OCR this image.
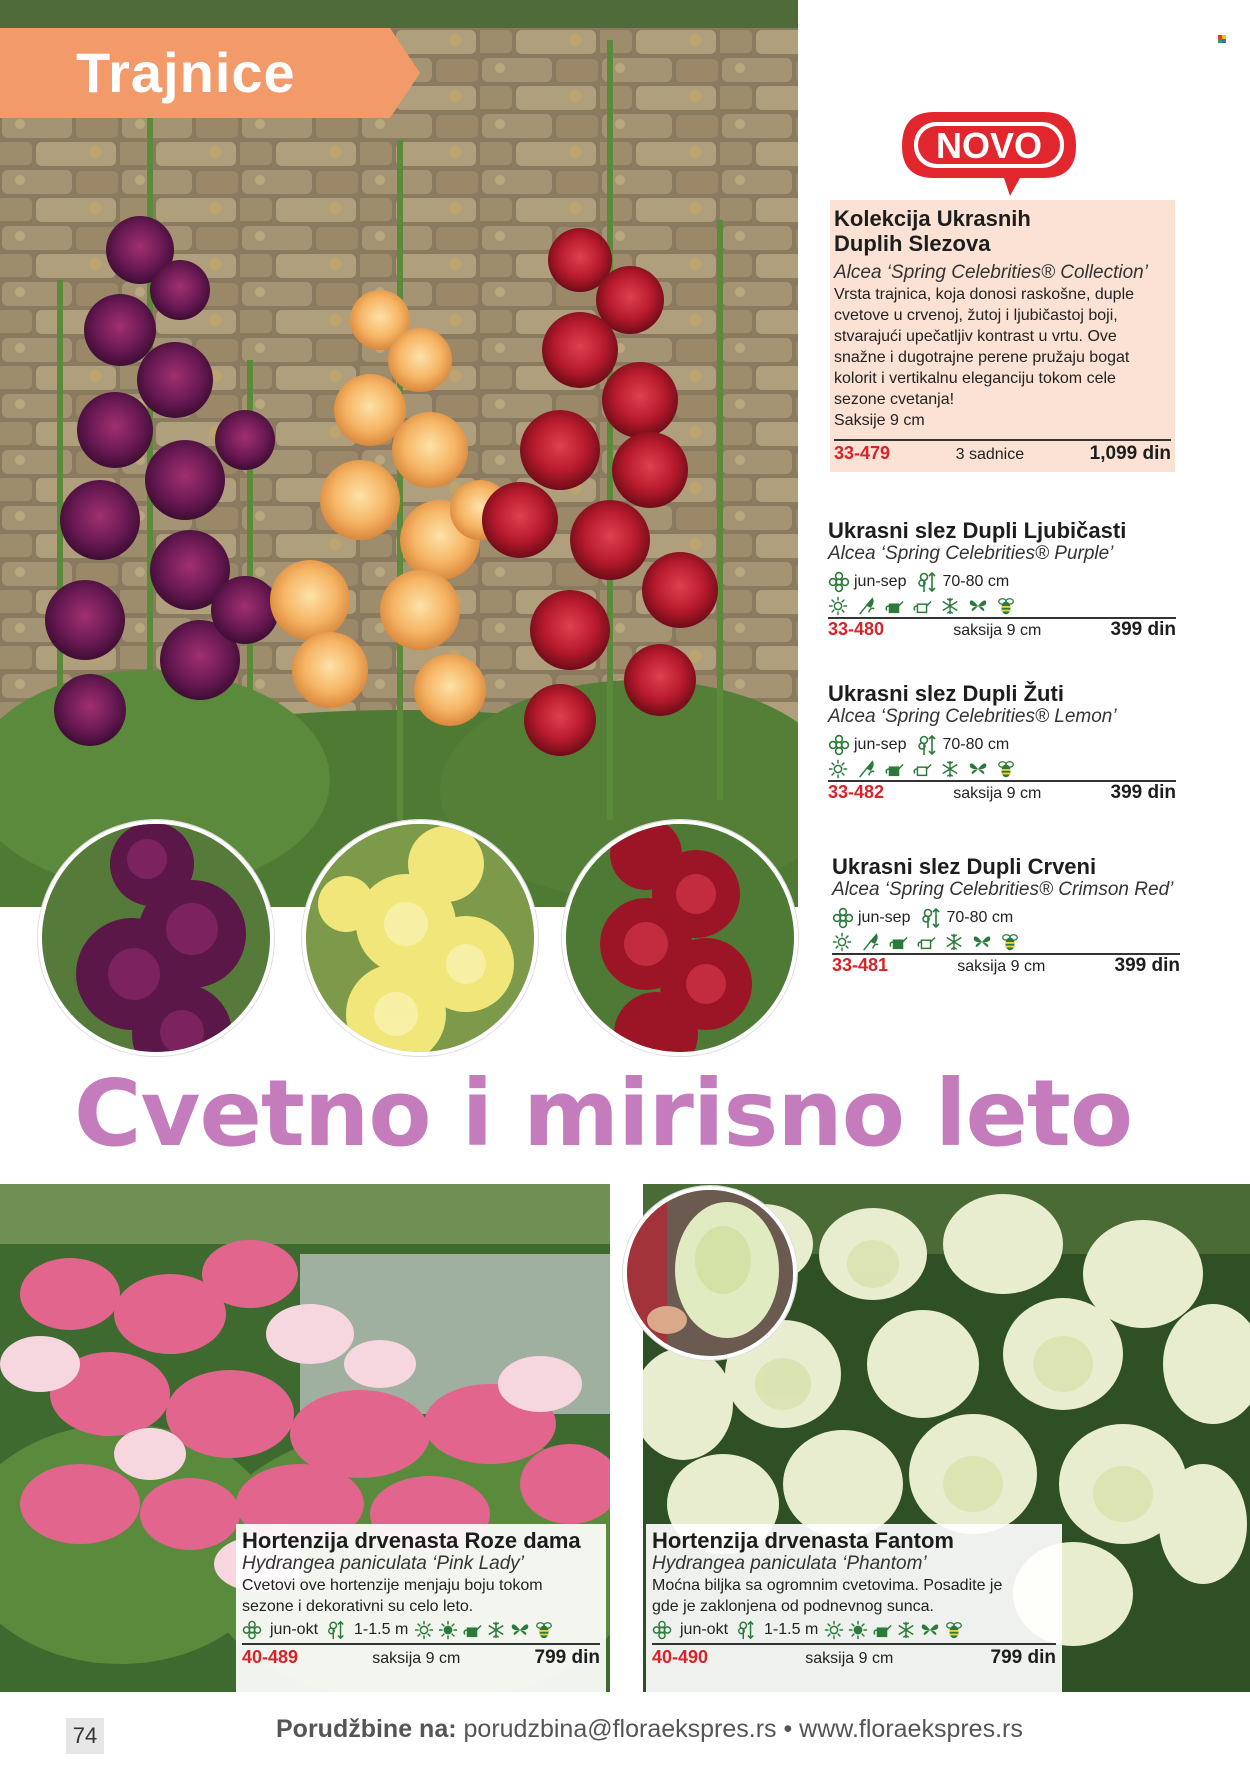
Trajnice
NOVO
Kolekcija Ukrasnih
Duplih Slezova
Alcea ‘Spring Celebrities® Collection’
Vrsta trajnica, koja donosi raskošne, duple cvetove u crvenoj, žutoj i ljubičastoj boji, stvarajući upečatljiv kontrast u vrtu. Ove snažne i dugotrajne perene pružaju bogat kolorit i vertikalnu eleganciju tokom cele sezone cvetanja!
Saksije 9 cm
33-479	3 sadnice	1,099 din
Ukrasni slez Dupli Ljubičasti
Alcea ‘Spring Celebrities® Purple’
jun-sep 70-80 cm
33-480	saksija 9 cm	399 din
Ukrasni slez Dupli Žuti
Alcea ‘Spring Celebrities® Lemon’
jun-sep 70-80 cm
33-482	saksija 9 cm	399 din
Ukrasni slez Dupli Crveni
Alcea ‘Spring Celebrities® Crimson Red’
jun-sep 70-80 cm
33-481	saksija 9 cm	399 din
Cvetno i mirisno leto
Hortenzija drvenasta Roze dama
Hydrangea paniculata ‘Pink Lady’
Cvetovi ove hortenzije menjaju boju tokom
sezone i dekorativni su celo leto.
jun-okt 1-1.5 m
40-489	saksija 9 cm	799 din
Hortenzija drvenasta Fantom
Hydrangea paniculata ‘Phantom’
Moćna biljka sa ogromnim cvetovima. Posadite je
gde je zaklonjena od podnevnog sunca.
jun-okt 1-1.5 m
40-490	saksija 9 cm	799 din
74	Porudžbine na: porudzbina@floraekspres.rs • www.floraekspres.rs
